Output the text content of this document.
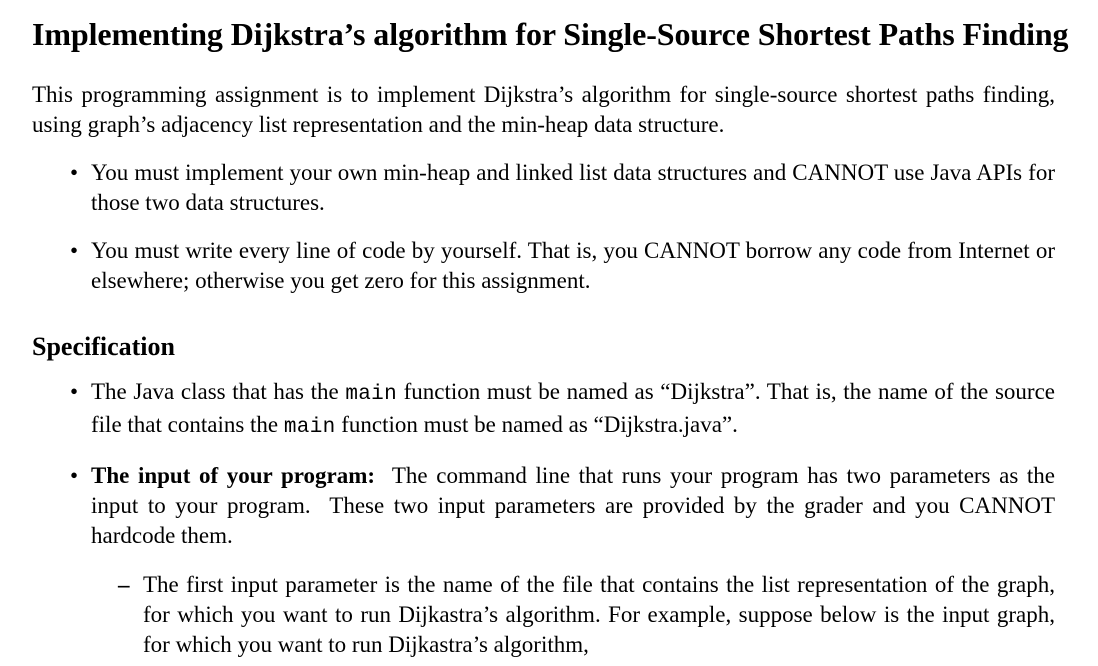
Implementing Dijkstra’s algorithm for Single-Source Shortest Paths Finding

This programming assignment is to implement Dijkstra’s algorithm for single-source shortest paths finding, using graph’s adjacency list representation and the min-heap data structure.

• You must implement your own min-heap and linked list data structures and CANNOT use Java APIs for those two data structures.
• You must write every line of code by yourself. That is, you CANNOT borrow any code from Internet or elsewhere; otherwise you get zero for this assignment.
Specification
• The Java class that has the main function must be named as “Dijkstra”. That is, the name of the source file that contains the main function must be named as “Dijkstra.java”.
• The input of your program:  The command line that runs your program has two parameters as the input to your program.  These two input parameters are provided by the grader and you CANNOT hardcode them.
– The first input parameter is the name of the file that contains the list representation of the graph, for which you want to run Dijkastra’s algorithm. For example, suppose below is the input graph, for which you want to run Dijkastra’s algorithm,
